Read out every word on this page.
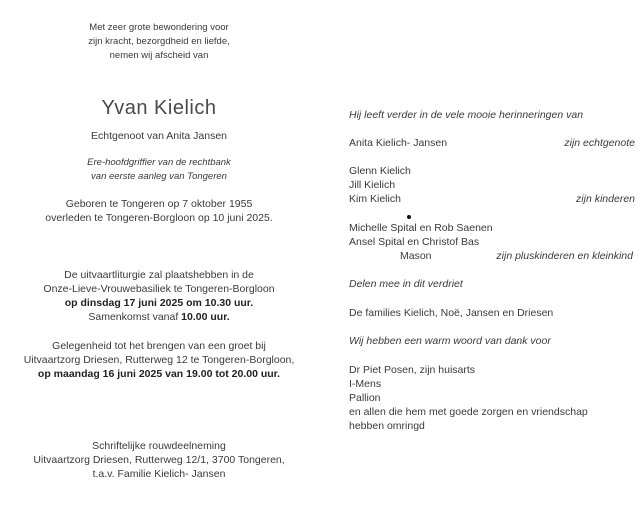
Met zeer grote bewondering voor
zijn kracht, bezorgdheid en liefde,
nemen wij afscheid van
Yvan Kielich
Echtgenoot van Anita Jansen
Ere-hoofdgriffier van de rechtbank
van eerste aanleg van Tongeren
Geboren te Tongeren op 7 oktober 1955
overleden te Tongeren-Borgloon op 10 juni 2025.
De uitvaartliturgie zal plaatshebben in de
Onze-Lieve-Vrouwebasiliek te Tongeren-Borgloon
op dinsdag 17 juni 2025 om 10.30 uur.
Samenkomst vanaf 10.00 uur.
Gelegenheid tot het brengen van een groet bij
Uitvaartzorg Driesen, Rutterweg 12 te Tongeren-Borgloon,
op maandag 16 juni 2025 van 19.00 tot 20.00 uur.
Schriftelijke rouwdeelneming
Uitvaartzorg Driesen, Rutterweg 12/1, 3700 Tongeren,
t.a.v. Familie Kielich- Jansen
Hij leeft verder in de vele mooie herinneringen van
Anita Kielich- Jansen	zijn echtgenote
Glenn Kielich
Jill Kielich
Kim Kielich	zijn kinderen
Michelle Spital en Rob Saenen
Ansel Spital en Christof Bas
Mason	zijn pluskinderen en kleinkind
Delen mee in dit verdriet
De families Kielich, Noë, Jansen en Driesen
Wij hebben een warm woord van dank voor
Dr Piet Posen, zijn huisarts
I-Mens
Pallion
en allen die hem met goede zorgen en vriendschap
hebben omringd
